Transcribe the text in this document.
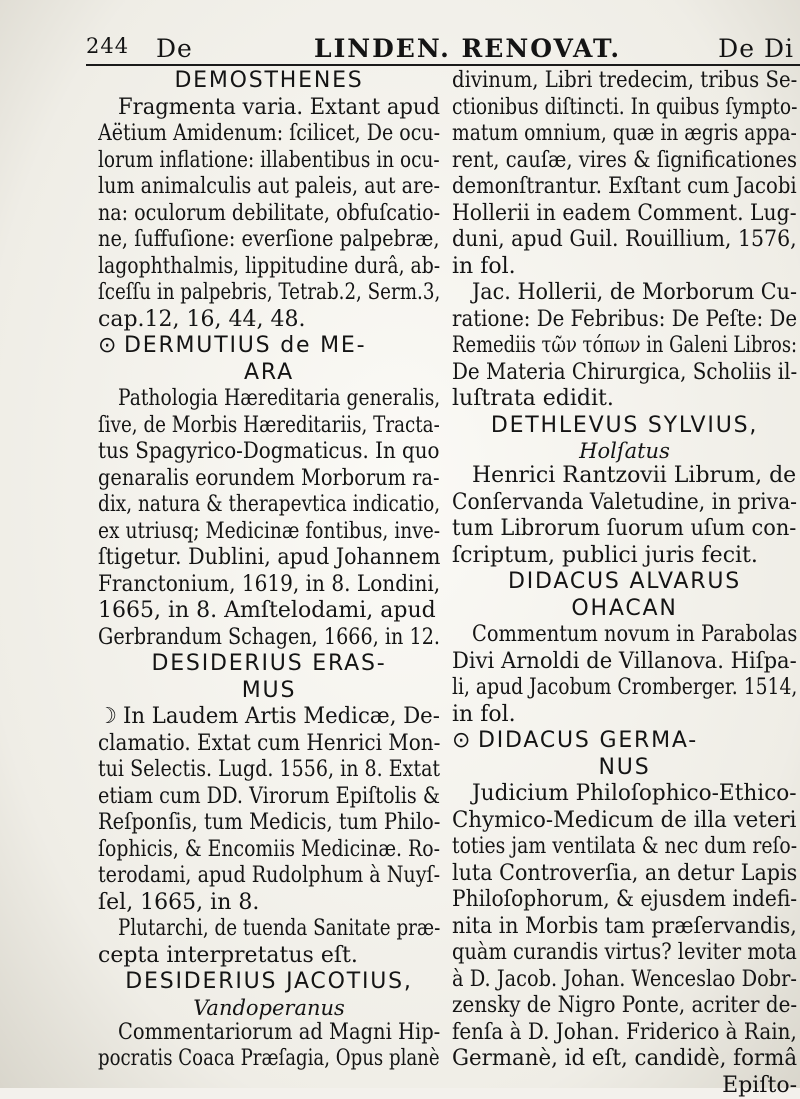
244 De	LINDEN. RENOVAT.	De Di
DEMOSTHENES
Fragmenta varia. Extant apud
Aëtium Amidenum: ſcilicet, De ocu-
lorum inflatione: illabentibus in ocu-
lum animalculis aut paleis, aut are-
na: oculorum debilitate, obfuſcatio-
ne, ſuffuſione: everſione palpebræ,
lagophthalmis, lippitudine durâ, ab-
ſceſſu in palpebris, Tetrab.2, Serm.3,
cap.12, 16, 44, 48.
⊙ DERMUTIUS de ME-
ARA
Pathologia Hæreditaria generalis,
ſive, de Morbis Hæreditariis, Tracta-
tus Spagyrico-Dogmaticus. In quo
genaralis eorundem Morborum ra-
dix, natura & therapevtica indicatio,
ex utriusq; Medicinæ fontibus, inve-
ſtigetur. Dublini, apud Johannem
Franctonium, 1619, in 8. Londini,
1665, in 8. Amſtelodami, apud
Gerbrandum Schagen, 1666, in 12.
DESIDERIUS ERAS-
MUS
☽ In Laudem Artis Medicæ, De-
clamatio. Extat cum Henrici Mon-
tui Selectis. Lugd. 1556, in 8. Extat
etiam cum DD. Virorum Epiſtolis &
Reſponſis, tum Medicis, tum Philo-
ſophicis, & Encomiis Medicinæ. Ro-
terodami, apud Rudolphum à Nuyſ-
ſel, 1665, in 8.
Plutarchi, de tuenda Sanitate præ-
cepta interpretatus eſt.
DESIDERIUS JACOTIUS,
Vandoperanus
Commentariorum ad Magni Hip-
pocratis Coaca Præſagia, Opus planè
divinum, Libri tredecim, tribus Se-
ctionibus diſtincti. In quibus ſympto-
matum omnium, quæ in ægris appa-
rent, cauſæ, vires & ſignificationes
demonſtrantur. Exſtant cum Jacobi
Hollerii in eadem Comment. Lug-
duni, apud Guil. Rouillium, 1576,
in fol.
Jac. Hollerii, de Morborum Cu-
ratione: De Febribus: De Peſte: De
Remediis τῶν τόπων in Galeni Libros:
De Materia Chirurgica, Scholiis il-
luſtrata edidit.
DETHLEVUS SYLVIUS,
Holſatus
Henrici Rantzovii Librum, de
Conſervanda Valetudine, in priva-
tum Librorum ſuorum uſum con-
ſcriptum, publici juris fecit.
DIDACUS ALVARUS
OHACAN
Commentum novum in Parabolas
Divi Arnoldi de Villanova. Hiſpa-
li, apud Jacobum Cromberger. 1514,
in fol.
⊙ DIDACUS GERMA-
NUS
Judicium Philoſophico-Ethico-
Chymico-Medicum de illa veteri
toties jam ventilata & nec dum reſo-
luta Controverſia, an detur Lapis
Philoſophorum, & ejusdem indefi-
nita in Morbis tam præſervandis,
quàm curandis virtus? leviter mota
à D. Jacob. Johan. Wenceslao Dobr-
zensky de Nigro Ponte, acriter de-
fenſa à D. Johan. Friderico à Rain,
Germanè, id eſt, candidè, formâ
Epiſto-
